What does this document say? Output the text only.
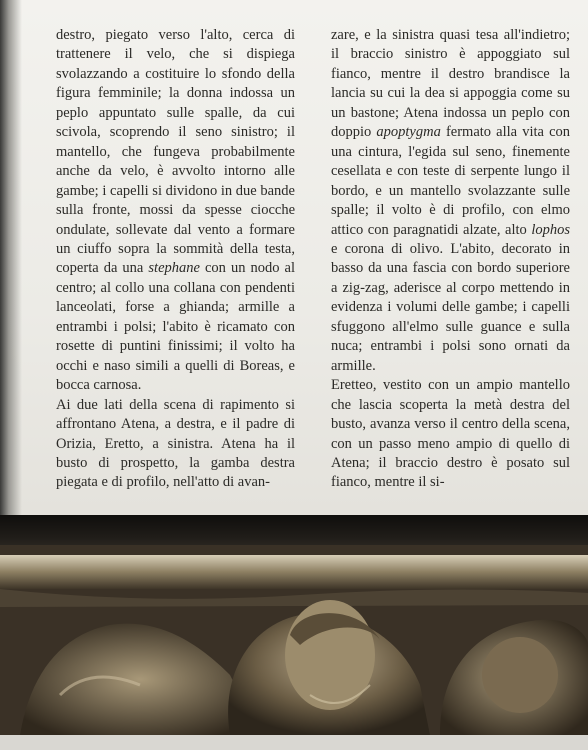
destro, piegato verso l'alto, cerca di trattenere il velo, che si dispiega svolazzando a costituire lo sfondo della figura femminile; la donna indossa un peplo appuntato sulle spalle, da cui scivola, scoprendo il seno sinistro; il mantello, che fungeva probabilmente anche da velo, è avvolto intorno alle gambe; i capelli si dividono in due bande sulla fronte, mossi da spesse ciocche ondulate, sollevate dal vento a formare un ciuffo sopra la sommità della testa, coperta da una stephane con un nodo al centro; al collo una collana con pendenti lanceolati, forse a ghianda; armille a entrambi i polsi; l'abito è ricamato con rosette di puntini finissimi; il volto ha occhi e naso simili a quelli di Boreas, e bocca carnosa.

Ai due lati della scena di rapimento si affrontano Atena, a destra, e il padre di Orizia, Eretto, a sinistra. Atena ha il busto di prospetto, la gamba destra piegata e di profilo, nell'atto di avan-

zare, e la sinistra quasi tesa all'indietro; il braccio sinistro è appoggiato sul fianco, mentre il destro brandisce la lancia su cui la dea si appoggia come su un bastone; Atena indossa un peplo con doppio apoptygma fermato alla vita con una cintura, l'egida sul seno, finemente cesellata e con teste di serpente lungo il bordo, e un mantello svolazzante sulle spalle; il volto è di profilo, con elmo attico con paragnatidi alzate, alto lophos e corona di olivo. L'abito, decorato in basso da una fascia con bordo superiore a zig-zag, aderisce al corpo mettendo in evidenza i volumi delle gambe; i capelli sfuggono all'elmo sulle guance e sulla nuca; entrambi i polsi sono ornati da armille.

Eretteo, vestito con un ampio mantello che lascia scoperta la metà destra del busto, avanza verso il centro della scena, con un passo meno ampio di quello di Atena; il braccio destro è posato sul fianco, mentre il si-
